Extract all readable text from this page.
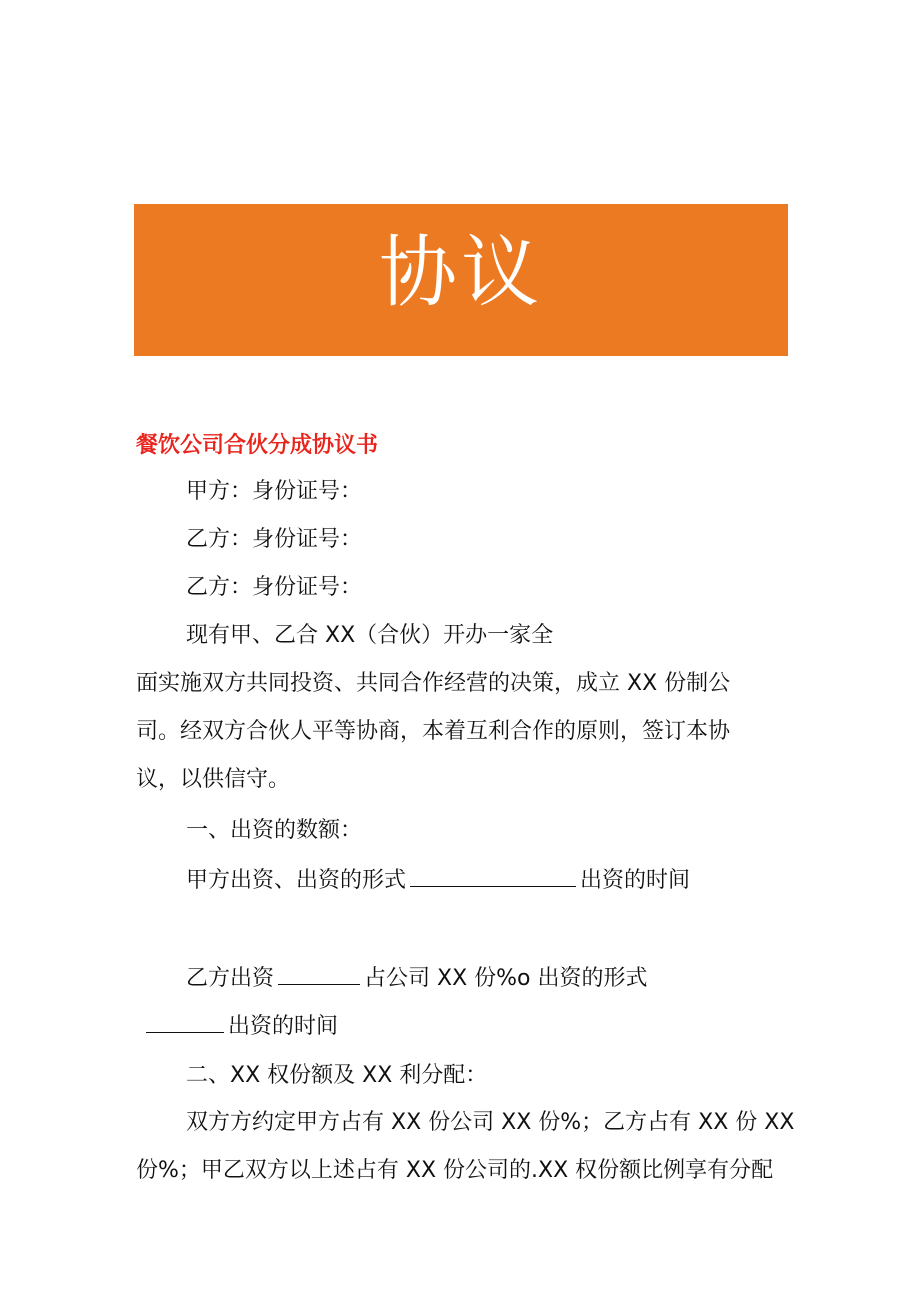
协议
餐饮公司合伙分成协议书
甲方：身份证号：
乙方：身份证号：
乙方：身份证号：
现有甲、乙合 XX（合伙）开办一家全
面实施双方共同投资、共同合作经营的决策，成立 XX 份制公
司。经双方合伙人平等协商，本着互利合作的原则，签订本协
议，以供信守。
一、出资的数额：
甲方出资、出资的形式	出资的时间
乙方出资	占公司 XX 份%o 出资的形式
出资的时间
二、XX 权份额及 XX 利分配：
双方方约定甲方占有 XX 份公司 XX 份%；乙方占有 XX 份 XX
份%；甲乙双方以上述占有 XX 份公司的.XX 权份额比例享有分配
